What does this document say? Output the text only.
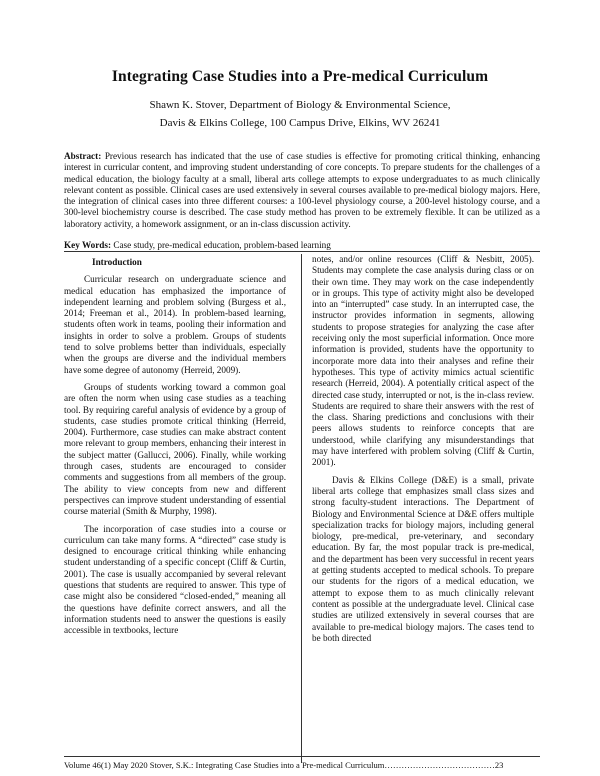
Integrating Case Studies into a Pre-medical Curriculum
Shawn K. Stover, Department of Biology & Environmental Science,
Davis & Elkins College, 100 Campus Drive, Elkins, WV 26241
Abstract: Previous research has indicated that the use of case studies is effective for promoting critical thinking, enhancing interest in curricular content, and improving student understanding of core concepts. To prepare students for the challenges of a medical education, the biology faculty at a small, liberal arts college attempts to expose undergraduates to as much clinically relevant content as possible. Clinical cases are used extensively in several courses available to pre-medical biology majors. Here, the integration of clinical cases into three different courses: a 100-level physiology course, a 200-level histology course, and a 300-level biochemistry course is described. The case study method has proven to be extremely flexible. It can be utilized as a laboratory activity, a homework assignment, or an in-class discussion activity.
Key Words: Case study, pre-medical education, problem-based learning
Introduction

Curricular research on undergraduate science and medical education has emphasized the importance of independent learning and problem solving (Burgess et al., 2014; Freeman et al., 2014). In problem-based learning, students often work in teams, pooling their information and insights in order to solve a problem. Groups of students tend to solve problems better than individuals, especially when the groups are diverse and the individual members have some degree of autonomy (Herreid, 2009).

Groups of students working toward a common goal are often the norm when using case studies as a teaching tool. By requiring careful analysis of evidence by a group of students, case studies promote critical thinking (Herreid, 2004). Furthermore, case studies can make abstract content more relevant to group members, enhancing their interest in the subject matter (Gallucci, 2006). Finally, while working through cases, students are encouraged to consider comments and suggestions from all members of the group. The ability to view concepts from new and different perspectives can improve student understanding of essential course material (Smith & Murphy, 1998).

The incorporation of case studies into a course or curriculum can take many forms. A “directed” case study is designed to encourage critical thinking while enhancing student understanding of a specific concept (Cliff & Curtin, 2001). The case is usually accompanied by several relevant questions that students are required to answer. This type of case might also be considered “closed-ended,” meaning all the questions have definite correct answers, and all the information students need to answer the questions is easily accessible in textbooks, lecture

notes, and/or online resources (Cliff & Nesbitt, 2005). Students may complete the case analysis during class or on their own time. They may work on the case independently or in groups. This type of activity might also be developed into an “interrupted” case study. In an interrupted case, the instructor provides information in segments, allowing students to propose strategies for analyzing the case after receiving only the most superficial information. Once more information is provided, students have the opportunity to incorporate more data into their analyses and refine their hypotheses. This type of activity mimics actual scientific research (Herreid, 2004). A potentially critical aspect of the directed case study, interrupted or not, is the in-class review. Students are required to share their answers with the rest of the class. Sharing predictions and conclusions with their peers allows students to reinforce concepts that are understood, while clarifying any misunderstandings that may have interfered with problem solving (Cliff & Curtin, 2001).

Davis & Elkins College (D&E) is a small, private liberal arts college that emphasizes small class sizes and strong faculty-student interactions. The Department of Biology and Environmental Science at D&E offers multiple specialization tracks for biology majors, including general biology, pre-medical, pre-veterinary, and secondary education. By far, the most popular track is pre-medical, and the department has been very successful in recent years at getting students accepted to medical schools. To prepare our students for the rigors of a medical education, we attempt to expose them to as much clinically relevant content as possible at the undergraduate level. Clinical case studies are utilized extensively in several courses that are available to pre-medical biology majors. The cases tend to be both directed

Volume 46(1) May 2020 Stover, S.K.: Integrating Case Studies into a Pre-medical Curriculum…………………………………23
